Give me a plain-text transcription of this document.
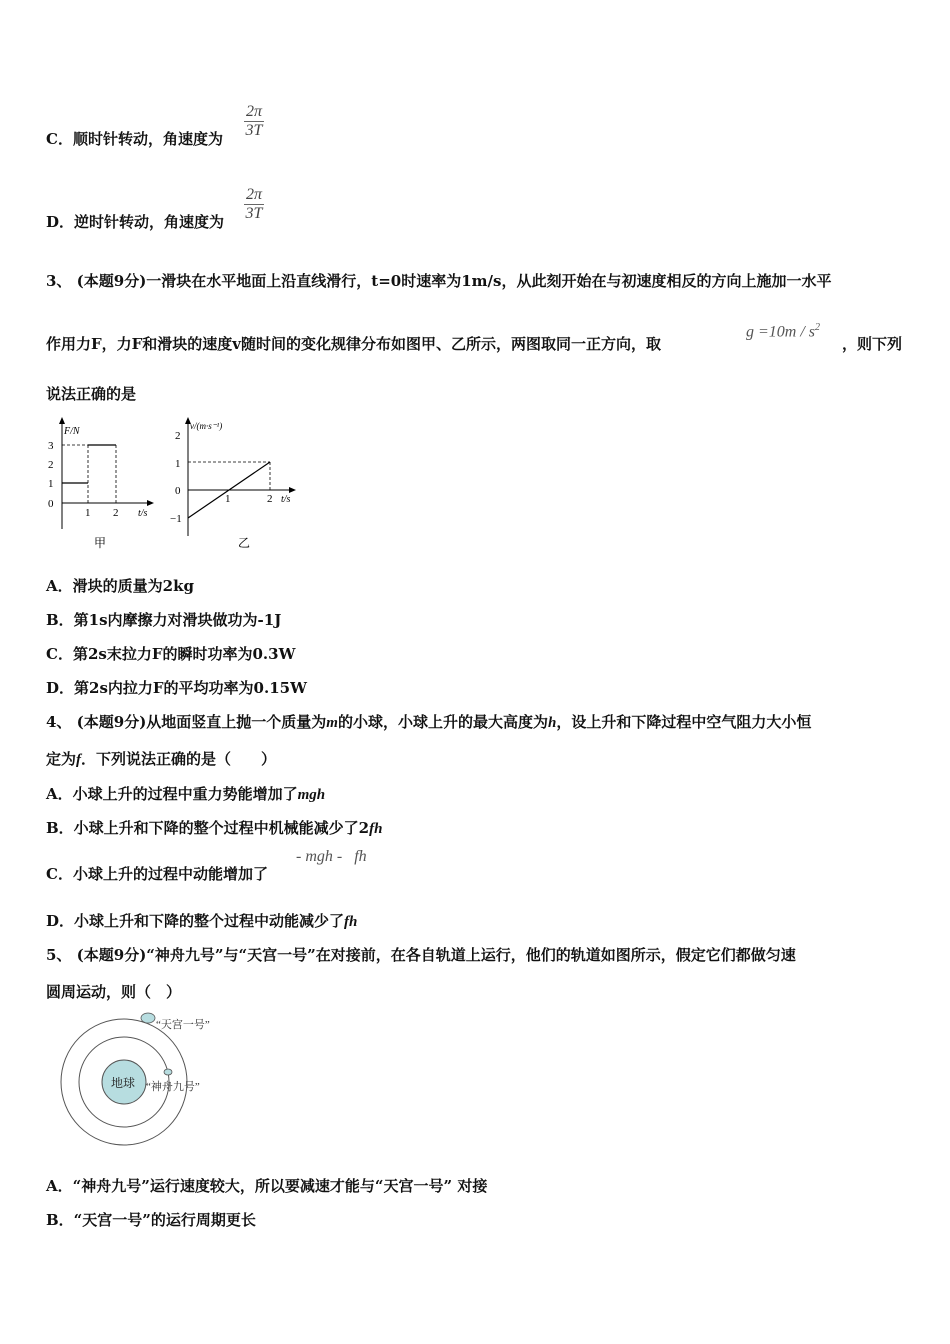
C．顺时针转动，角速度为 $\frac{2\pi}{3T}$
D．逆时针转动，角速度为 $\frac{2\pi}{3T}$
3、 (本题9分)一滑块在水平地面上沿直线滑行，t=0时速率为1m/s，从此刻开始在与初速度相反的方向上施加一水平
作用力F，力F和滑块的速度v随时间的变化规律分布如图甲、乙所示，两图取同一正方向，取
$g =10m / s^2$
，则下列
说法正确的是
F/N
3
2
1
0
1 2 t/s
甲
v/(m·s⁻¹)
2
1
0
−1
1	2 t/s
乙
A．滑块的质量为2kg
B．第1s内摩擦力对滑块做功为-1J
C．第2s末拉力F的瞬时功率为0.3W
D．第2s内拉力F的平均功率为0.15W
4、 (本题9分)从地面竖直上抛一个质量为m的小球，小球上升的最大高度为h，设上升和下降过程中空气阻力大小恒
定为f．下列说法正确的是（　　）
A．小球上升的过程中重力势能增加了mgh
B．小球上升和下降的整个过程中机械能减少了2fh
C．小球上升的过程中动能增加了
- mgh -   fh
D．小球上升和下降的整个过程中动能减少了fh
5、 (本题9分)“神舟九号”与“天宫一号”在对接前，在各自轨道上运行，他们的轨道如图所示，假定它们都做匀速
圆周运动，则（　）
地球
“天宫一号”
“神舟九号”
A．“神舟九号”运行速度较大，所以要减速才能与“天宫一号” 对接
B．“天宫一号”的运行周期更长
